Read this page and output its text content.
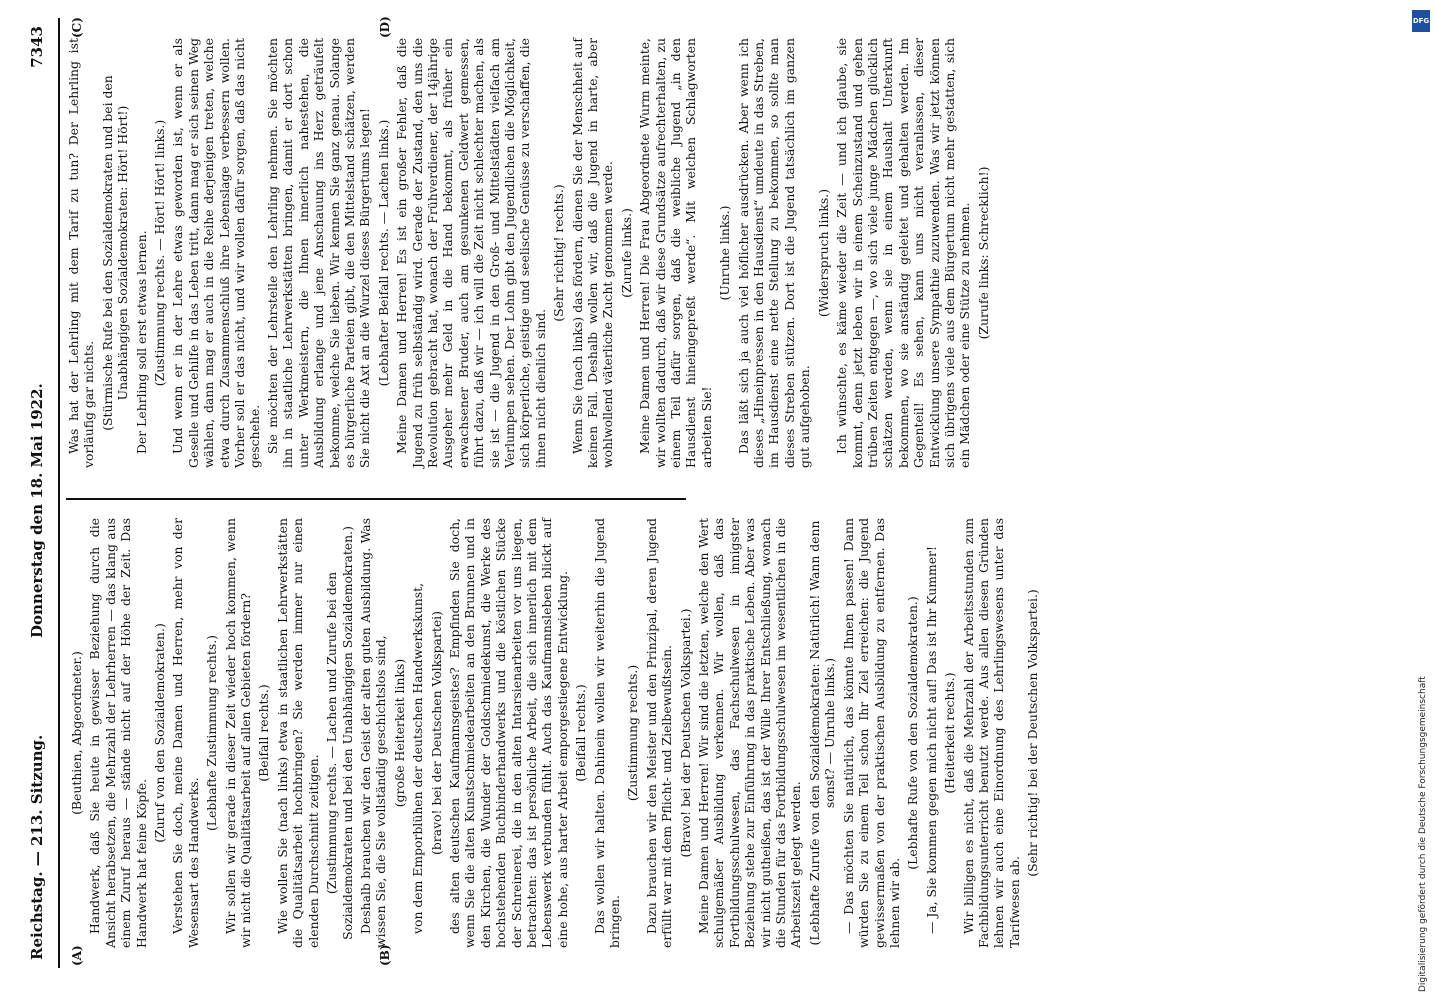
Reichstag. — 213. Sitzung.
Donnerstag den 18. Mai 1922.
7343
(A)	(B)
(C)	(D)

(Beuthien, Abgeordneter.) Handwerk, daß Sie heute in gewisser Beziehung durch die Ansicht herabsetzen, die Mehrzahl der Lehrherren — das klang aus einem Zuruf heraus — stände nicht auf der Höhe der Zeit. Das Handwerk hat feine Köpfe.

(Zuruf von den Sozialdemokraten.) Verstehen Sie doch, meine Damen und Herren, mehr von der Wesensart des Handwerks.

(Lebhafte Zustimmung rechts.) Wir sollen wir gerade in dieser Zeit wieder hoch kommen, wenn wir nicht die Qualitätsarbeit auf allen Gebieten fördern? (Beifall rechts.) Wie wollen Sie (nach links) etwa in staatlichen Lehrwerkstätten die Qualitätsarbeit hochbringen? Sie werden immer nur einen elenden Durchschnitt zeitigen. (Zustimmung rechts. — Lachen und Zurufe bei den Sozialdemokraten und bei den Unabhängigen Sozialdemokraten.) Deshalb brauchen wir den Geist der alten guten Ausbildung. Was wissen Sie, die Sie vollständig geschichtslos sind, (große Heiterkeit links) von dem Emporblühen der deutschen Handwerkskunst, (bravo! bei der Deutschen Volkspartei) des alten deutschen Kaufmannsgeistes? Empfinden Sie doch, wenn Sie die alten Kunstschmiedearbeiten an den Brunnen und in den Kirchen, die Wunder der Goldschmiedekunst, die Werke des hochstehenden Buchbinderhandwerks und die köstlichen Stücke der Schreinerei, die in den alten Intarsienarbeiten vor uns liegen, betrachten: das ist persönliche Arbeit, die sich innerlich mit dem Lebenswerk verbunden fühlt. Auch das Kaufmannsleben blickt auf eine hohe, aus harter Arbeit emporgestiegene Entwicklung. (Beifall rechts.) Das wollen wir halten. Dahinein wollen wir weiterhin die Jugend bringen.

(Zustimmung rechts.) Dazu brauchen wir den Meister und den Prinzipal, deren Jugend erfüllt war mit dem Pflicht- und Zielbewußtsein. (Bravo! bei der Deutschen Volkspartei.) Meine Damen und Herren! Wir sind die letzten, welche den Wert schulgemäßer Ausbildung verkennen. Wir wollen, daß das Fortbildungsschulwesen, das Fachschulwesen in innigster Beziehung stehe zur Einführung in das praktische Leben. Aber was wir nicht gutheißen, das ist der Wille Ihrer Entschließung, wonach die Stunden für das Fortbildungsschulwesen im wesentlichen in die Arbeitszeit gelegt werden. (Lebhafte Zurufe von den Sozialdemokraten: Natürlich! Wann denn sonst? — Unruhe links.) — Das möchten Sie natürlich, das könnte Ihnen passen! Dann würden Sie zu einem Teil schon Ihr Ziel erreichen: die Jugend gewissermaßen von der praktischen Ausbildung zu entfernen. Das lehnen wir ab.

(Lebhafte Rufe von den Sozialdemokraten.) — Ja, Sie kommen gegen mich nicht auf! Das ist Ihr Kummer! (Heiterkeit rechts.) Wir billigen es nicht, daß die Mehrzahl der Arbeitsstunden zum Fachbildungsunterricht benutzt werde. Aus allen diesen Gründen lehnen wir auch eine Einordnung des Lehrlingswesens unter das Tarifwesen ab.

(Sehr richtig! bei der Deutschen Volkspartei.)

Was hat der Lehrling mit dem Tarif zu tun? Der Lehrling ist vorläufig gar nichts. (Stürmische Rufe bei den Sozialdemokraten und bei den Unabhängigen Sozialdemokraten: Hört! Hört!) Der Lehrling soll erst etwas lernen. (Zustimmung rechts. — Hört! Hört! links.) Und wenn er in der Lehre etwas geworden ist, wenn er als Geselle und Gehilfe in das Leben tritt, dann mag er sich seinen Weg wählen, dann mag er auch in die Reihe derjenigen treten, welche etwa durch Zusammenschluß ihre Lebenslage verbessern wollen. Vorher soll er das nicht, und wir wollen dafür sorgen, daß das nicht geschehe. Sie möchten der Lehrstelle den Lehrling nehmen. Sie möchten ihn in staatliche Lehrwerkstätten bringen, damit er dort schon unter Werkmeistern, die Ihnen innerlich nahestehen, die Ausbildung erlange und jene Anschauung ins Herz geträufelt bekomme, welche Sie lieben. Wir kennen Sie ganz genau. Solange es bürgerliche Parteien gibt, die den Mittelstand schätzen, werden Sie nicht die Axt an die Wurzel dieses Bürgertums legen! (Lebhafter Beifall rechts. — Lachen links.) Meine Damen und Herren! Es ist ein großer Fehler, daß die Jugend zu früh selbständig wird. Gerade der Zustand, den uns die Revolution gebracht hat, wonach der Frühverdiener, der 14jährige Ausgeher mehr Geld in die Hand bekommt, als früher ein erwachsener Bruder, auch am gesunkenen Geldwert gemessen, führt dazu, daß wir — ich will die Zeit nicht schlechter machen, als sie ist — die Jugend in den Groß- und Mittelstädten vielfach am Verlumpen sehen. Der Lohn gibt den Jugendlichen die Möglichkeit, sich körperliche, geistige und seelische Genüsse zu verschaffen, die ihnen nicht dienlich sind.

(Sehr richtig! rechts.) Wenn Sie (nach links) das fördern, dienen Sie der Menschheit auf keinen Fall. Deshalb wollen wir, daß die Jugend in harte, aber wohlwollend väterliche Zucht genommen werde. (Zurufe links.) Meine Damen und Herren! Die Frau Abgeordnete Wurm meinte, wir wollten dadurch, daß wir diese Grundsätze aufrechterhalten, zu einem Teil dafür sorgen, daß die weibliche Jugend „in den Hausdienst hineingepreßt werde“. Mit welchen Schlagworten arbeiten Sie!

(Unruhe links.) Das läßt sich ja auch viel höflicher ausdrücken. Aber wenn ich dieses „Hineinpressen in den Hausdienst“ umdeute in das Streben, im Hausdienst eine nette Stellung zu bekommen, so sollte man dieses Streben stützen. Dort ist die Jugend tatsächlich im ganzen gut aufgehoben.

(Widerspruch links.) Ich wünschte, es käme wieder die Zeit — und ich glaube, sie kommt, denn jetzt leben wir in einem Scheinzustand und gehen trüben Zeiten entgegen —, wo sich viele junge Mädchen glücklich schätzen werden, wenn sie in einem Haushalt Unterkunft bekommen, wo sie anständig geleitet und gehalten werden. Im Gegenteil! Es sehen, kann uns nicht veranlassen, dieser Entwicklung unsere Sympathie zuzuwenden. Was wir jetzt können sich übrigens viele aus dem Bürgertum nicht mehr gestatten, sich ein Mädchen oder eine Stütze zu nehmen. (Zurufe links: Schrecklich!)

Digitalisierung gefördert durch die Deutsche Forschungsgemeinschaft
DFG
